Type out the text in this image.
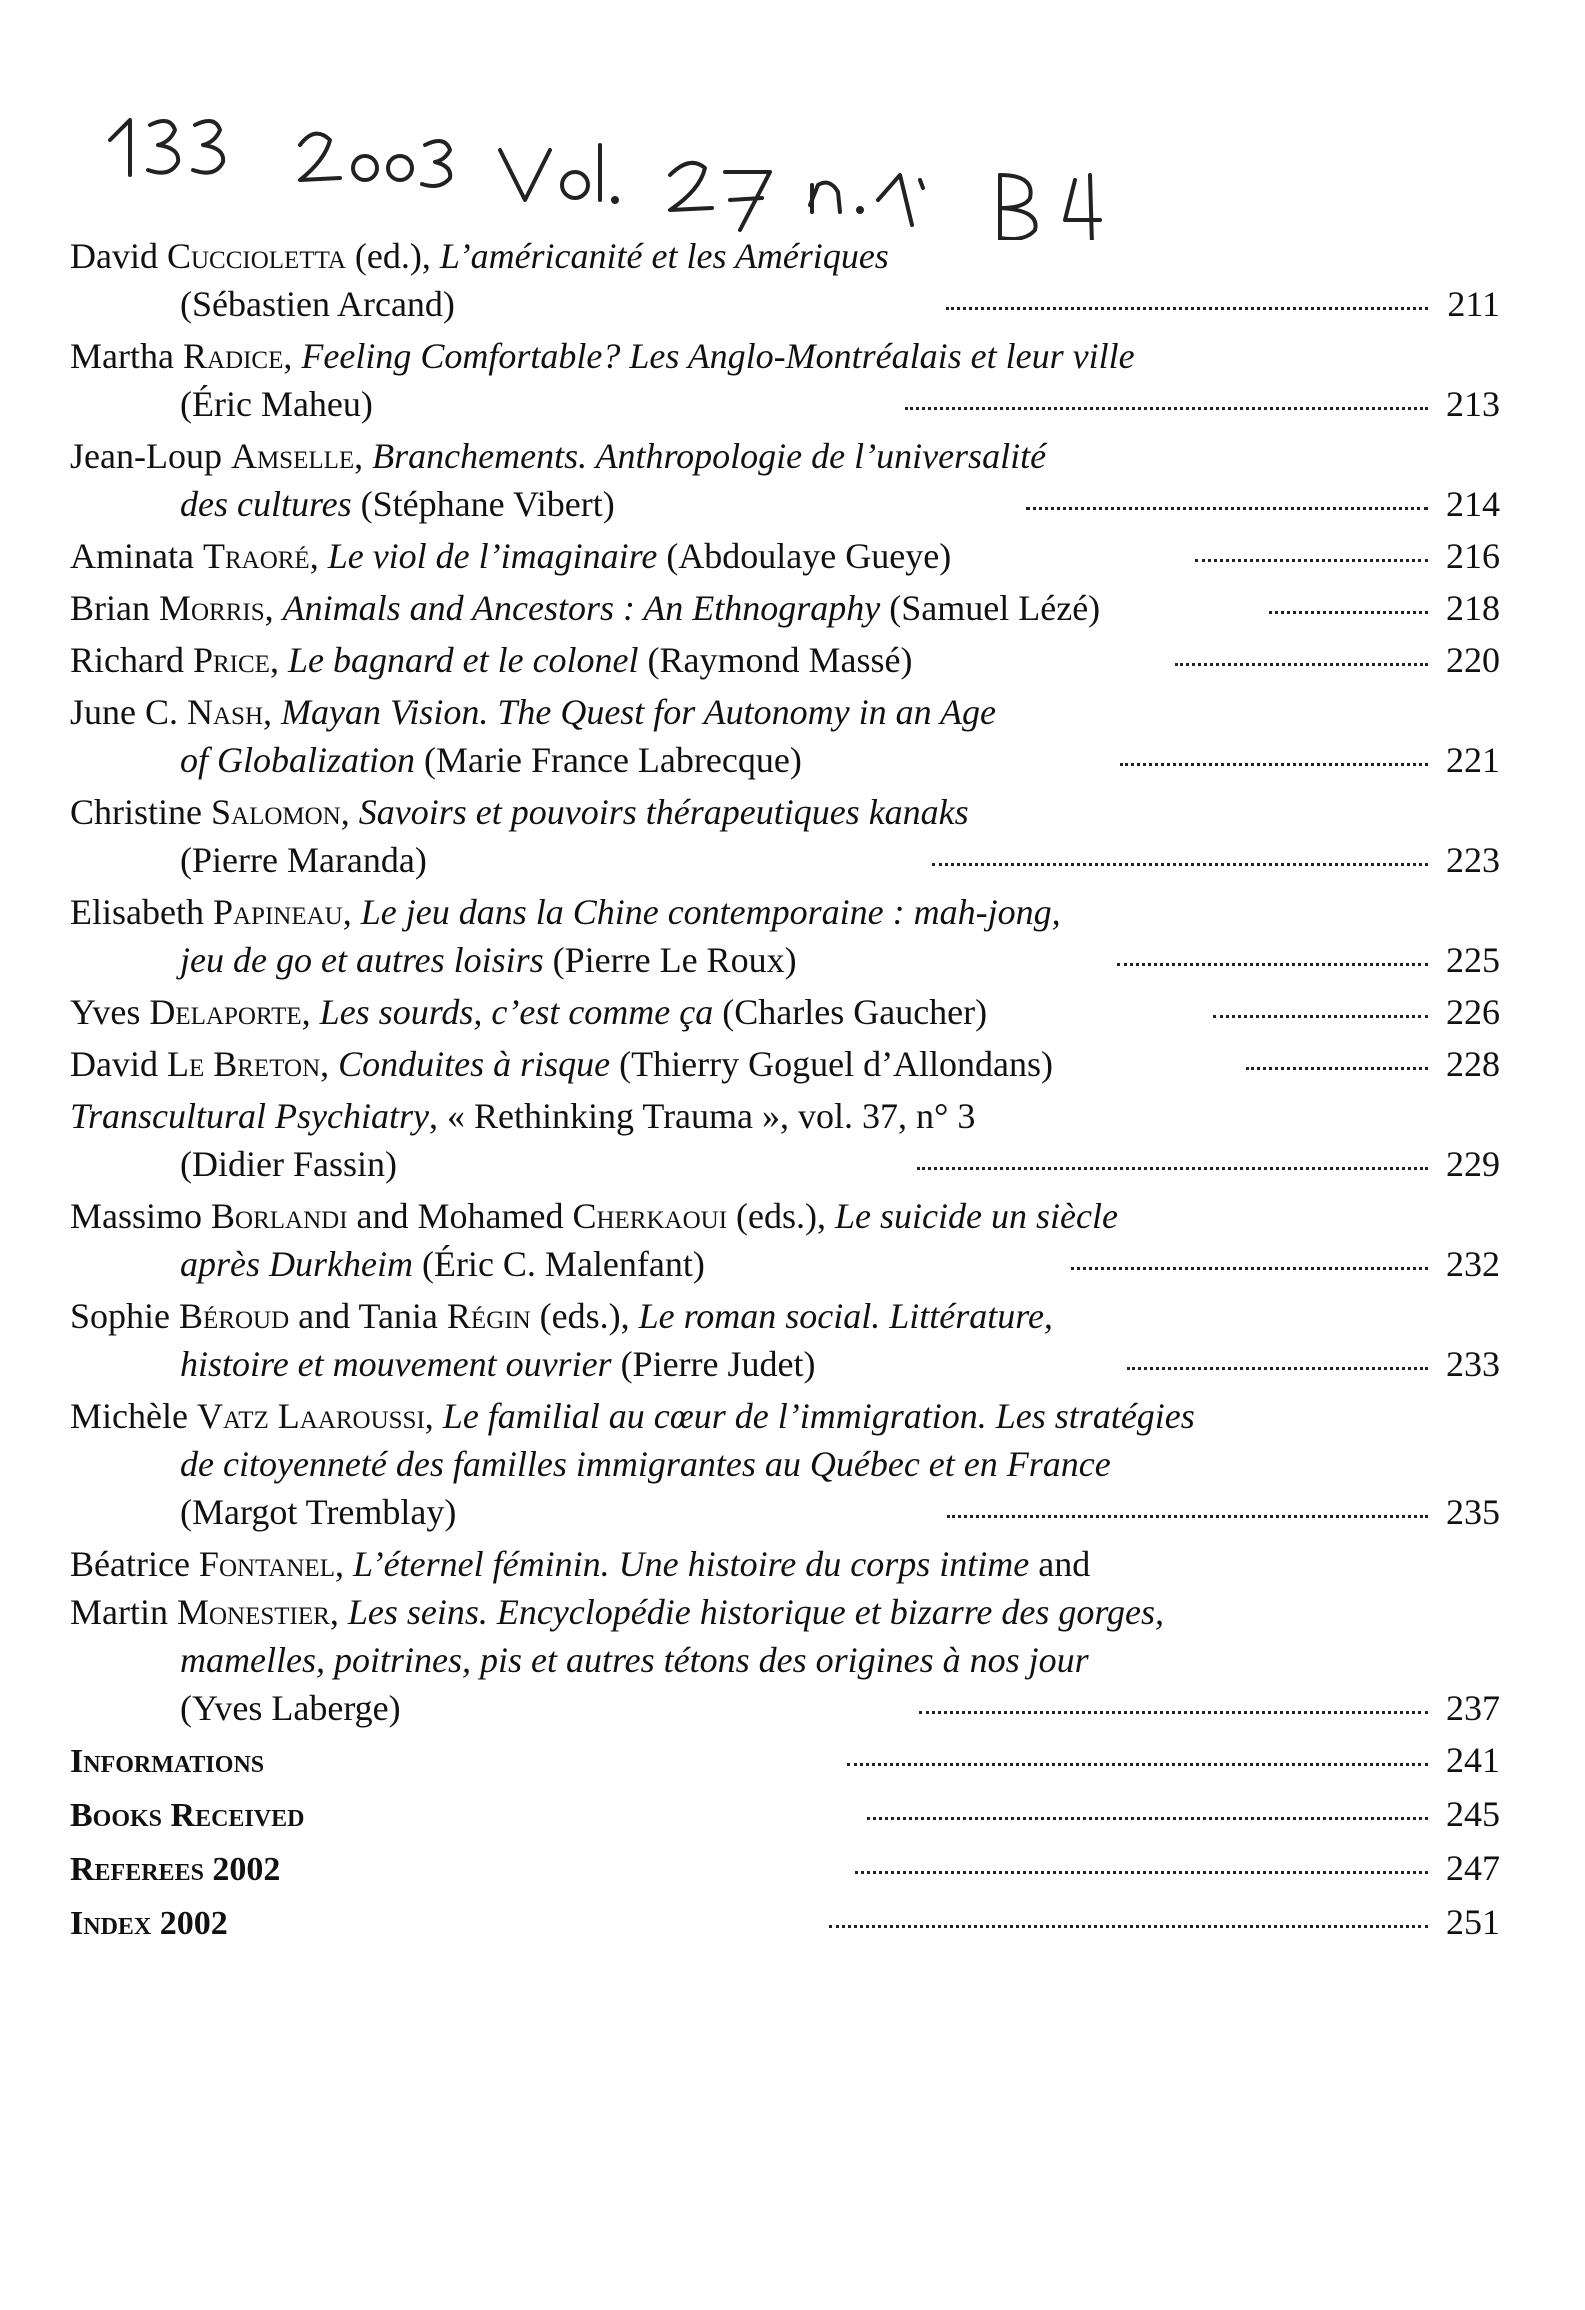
David Cuccioletta (ed.), L’américanité et les Amériques
(Sébastien Arcand)	211
Martha Radice, Feeling Comfortable? Les Anglo-Montréalais et leur ville
(Éric Maheu)	213
Jean-Loup Amselle, Branchements. Anthropologie de l’universalité
des cultures (Stéphane Vibert)	214
Aminata Traoré, Le viol de l’imaginaire (Abdoulaye Gueye)	216
Brian Morris, Animals and Ancestors : An Ethnography (Samuel Lézé)	218
Richard Price, Le bagnard et le colonel (Raymond Massé)	220
June C. Nash, Mayan Vision. The Quest for Autonomy in an Age
of Globalization (Marie France Labrecque)	221
Christine Salomon, Savoirs et pouvoirs thérapeutiques kanaks
(Pierre Maranda)	223
Elisabeth Papineau, Le jeu dans la Chine contemporaine : mah-jong,
jeu de go et autres loisirs (Pierre Le Roux)	225
Yves Delaporte, Les sourds, c’est comme ça (Charles Gaucher)	226
David Le Breton, Conduites à risque (Thierry Goguel d’Allondans)	228
Transcultural Psychiatry, « Rethinking Trauma », vol. 37, n° 3
(Didier Fassin)	229
Massimo Borlandi and Mohamed Cherkaoui (eds.), Le suicide un siècle
après Durkheim (Éric C. Malenfant)	232
Sophie Béroud and Tania Régin (eds.), Le roman social. Littérature,
histoire et mouvement ouvrier (Pierre Judet)	233
Michèle Vatz Laaroussi, Le familial au cœur de l’immigration. Les stratégies
de citoyenneté des familles immigrantes au Québec et en France
(Margot Tremblay)	235
Béatrice Fontanel, L’éternel féminin. Une histoire du corps intime and
Martin Monestier, Les seins. Encyclopédie historique et bizarre des gorges,
mamelles, poitrines, pis et autres tétons des origines à nos jour
(Yves Laberge)	237
Informations	241
Books Received	245
Referees 2002	247
Index 2002	251
